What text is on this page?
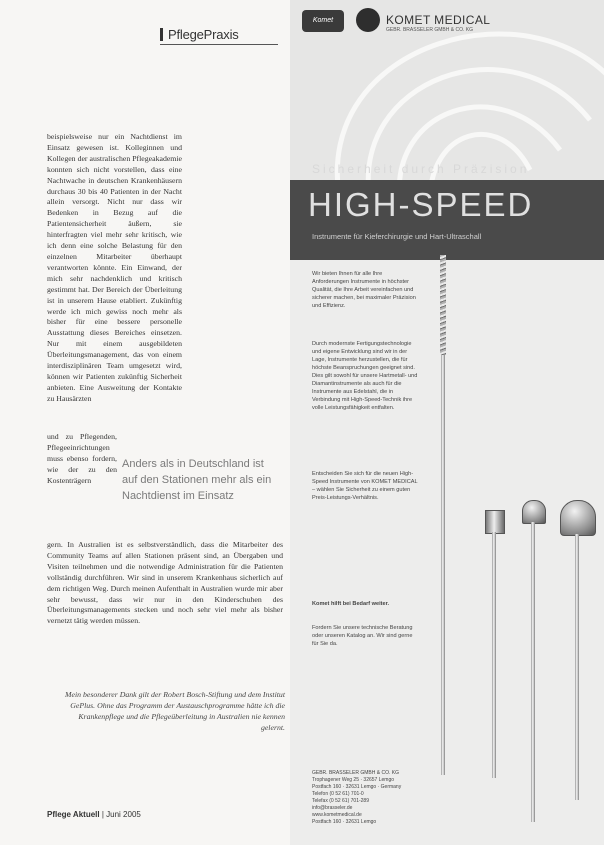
PflegePraxis

beispielsweise nur ein Nachtdienst im Einsatz gewesen ist. Kolleginnen und Kollegen der australischen Pflegeakademie konnten sich nicht vorstellen, dass eine Nachtwache in deutschen Krankenhäusern durchaus 30 bis 40 Patienten in der Nacht allein versorgt. Nicht nur dass wir Bedenken in Bezug auf die Patientensicherheit äußern, sie hinterfragten viel mehr sehr kritisch, wie ich denn eine solche Belastung für den einzelnen Mitarbeiter überhaupt verantworten könnte. Ein Einwand, der mich sehr nachdenklich und kritisch gestimmt hat. Der Bereich der Überleitung ist in unserem Hause etabliert. Zukünftig werde ich mich gewiss noch mehr als bisher für eine bessere personelle Ausstattung dieses Bereiches einsetzen. Nur mit einem ausgebildeten Überleitungsmanagement, das von einem interdisziplinären Team umgesetzt wird, können wir Patienten zukünftig Sicherheit anbieten. Eine Ausweitung der Kontakte zu Hausärzten

und zu Pflegenden, Pflegeeinrichtungen muss ebenso fordern, wie der zu den Kostenträgern
Anders als in Deutschland ist auf den Stationen mehr als ein Nachtdienst im Einsatz
gern. In Australien ist es selbstverständlich, dass die Mitarbeiter des Community Teams auf allen Stationen präsent sind, an Übergaben und Visiten teilnehmen und die notwendige Administration für die Patienten vollständig durchführen. Wir sind in unserem Krankenhaus sicherlich auf dem richtigen Weg. Durch meinen Aufenthalt in Australien wurde mir aber sehr bewusst, dass wir nur in den Kinderschuhen des Überleitungsmanagements stecken und noch sehr viel mehr als bisher vernetzt tätig werden müssen.
Mein besonderer Dank gilt der Robert Bosch-Stiftung und dem Institut GePlus. Ohne das Programm der Austauschprogramme hätte ich die Krankenpflege und die Pflegeüberleitung in Australien nie kennen gelernt.
Pflege Aktuell | Juni 2005
Komet	KOMET MEDICAL
GEBR. BRASSELER GMBH & CO. KG
Sicherheit durch Präzision
HIGH-SPEED
Instrumente für Kieferchirurgie und Hart-Ultraschall
Wir bieten Ihnen für alle Ihre Anforderungen Instrumente in höchster Qualität, die Ihre Arbeit vereinfachen und sicherer machen, bei maximaler Präzision und Effizienz.
Durch modernste Fertigungstechnologie und eigene Entwicklung sind wir in der Lage, Instrumente herzustellen, die für höchste Beanspruchungen geeignet sind. Dies gilt sowohl für unsere Hartmetall- und Diamantinstrumente als auch für die Instrumente aus Edelstahl, die in Verbindung mit High-Speed-Technik ihre volle Leistungsfähigkeit entfalten.
Entscheiden Sie sich für die neuen High-Speed Instrumente von KOMET MEDICAL – wählen Sie Sicherheit zu einem guten Preis-Leistungs-Verhältnis.
Komet hilft bei Bedarf weiter.
Fordern Sie unsere technische Beratung oder unseren Katalog an. Wir sind gerne für Sie da.
GEBR. BRASSELER GMBH & CO. KG
Trophagener Weg 25 · 32657 Lemgo
Postfach 160 · 32631 Lemgo · Germany
Telefon (0 52 61) 701-0
Telefax (0 52 61) 701-289
info@brasseler.de
www.kometmedical.de
Postfach 160 · 32631 Lemgo
